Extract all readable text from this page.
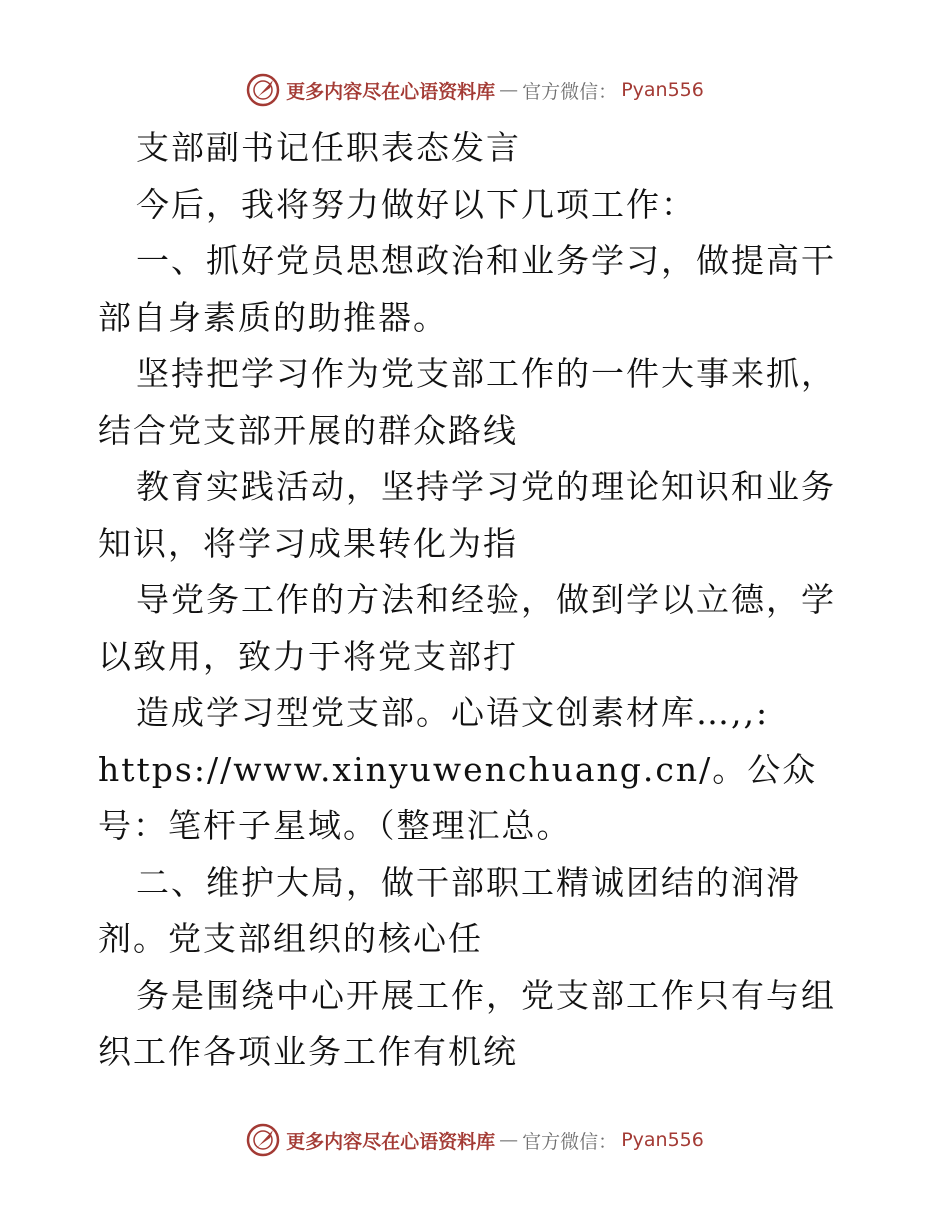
更多内容尽在心语资料库 — 官方微信： Pyan556

支部副书记任职表态发言

今后，我将努力做好以下几项工作：

一、抓好党员思想政治和业务学习，做提高干部自身素质的助推器。

坚持把学习作为党支部工作的一件大事来抓，结合党支部开展的群众路线

教育实践活动，坚持学习党的理论知识和业务知识，将学习成果转化为指

导党务工作的方法和经验，做到学以立德，学以致用，致力于将党支部打

造成学习型党支部。心语文创素材库…,,:

https://www.xinyuwenchuang.cn/。公众号：笔杆子星域。（整理汇总。

二、维护大局，做干部职工精诚团结的润滑剂。党支部组织的核心任

务是围绕中心开展工作，党支部工作只有与组织工作各项业务工作有机统

更多内容尽在心语资料库 — 官方微信： Pyan556
